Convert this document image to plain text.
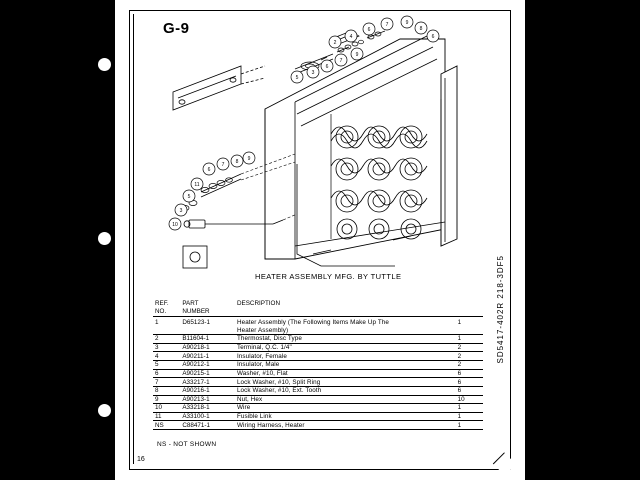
G-9
SD5417-402R 218-3DF5
2
4
6
7	9
8
6
5
3
6
7
9
6
7 8 9
11
5
3
10
HEATER ASSEMBLY MFG. BY TUTTLE
REF.	PART	DESCRIPTION	
NO.	NUMBER		
1	D65123-1	Heater Assembly (The Following Items Make Up The	1
		Heater Assembly)	
2	B11604-1	Thermostat, Disc Type	1
3	A90218-1	Terminal, Q.C. 1/4"	2
4	A90211-1	Insulator, Female	2
5	A90212-1	Insulator, Male	2
6	A90215-1	Washer, #10, Flat	6
7	A33217-1	Lock Washer, #10, Split Ring	6
8	A90216-1	Lock Washer, #10, Ext. Tooth	6
9	A90213-1	Nut, Hex	10
10	A33218-1	Wire	1
11	A33100-1	Fusible Link	1
NS	C88471-1	Wiring Harness, Heater	1
NS - NOT SHOWN
16
